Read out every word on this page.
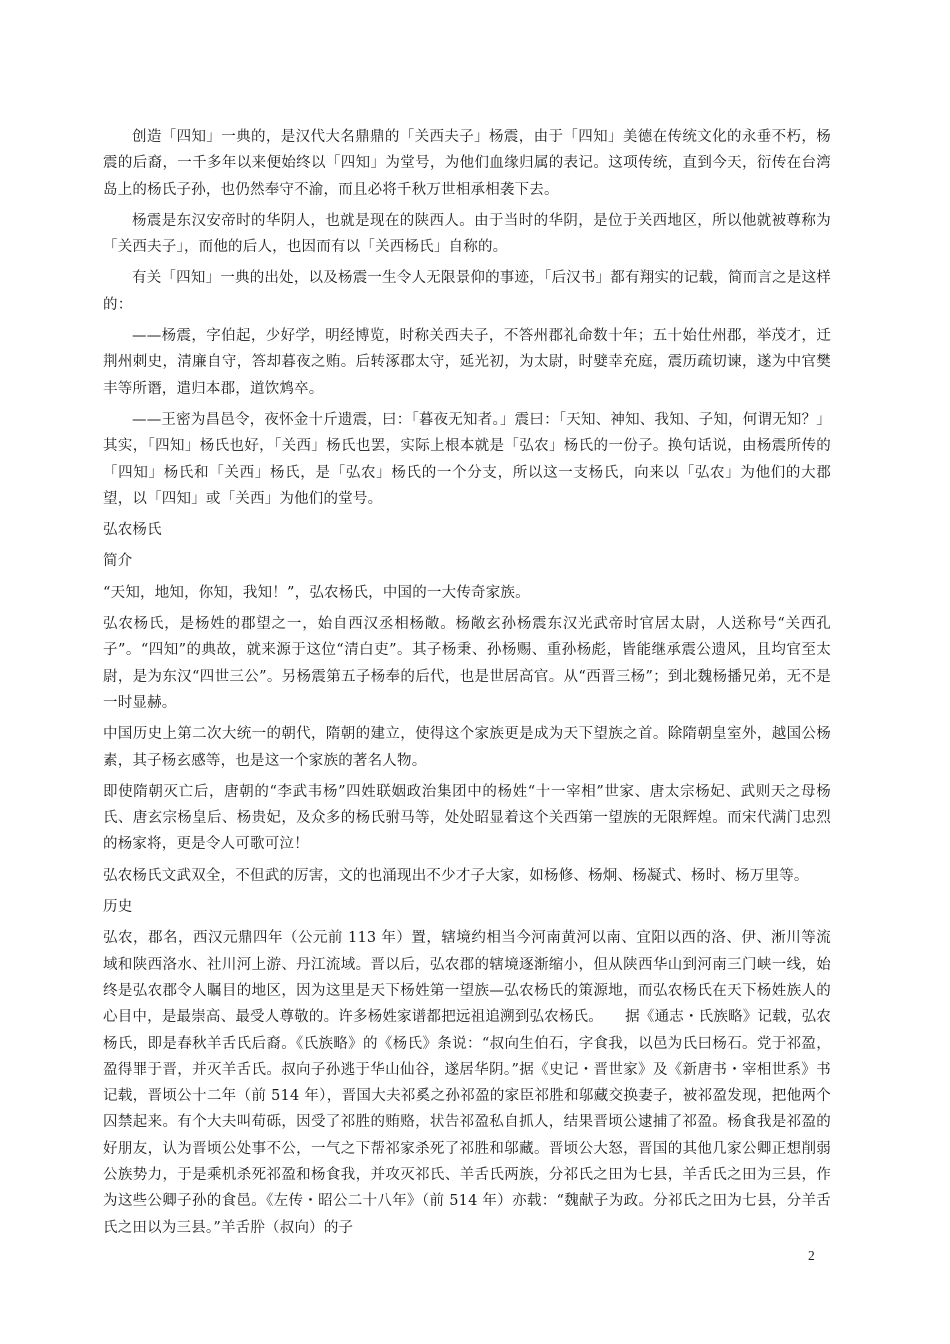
创造「四知」一典的，是汉代大名鼎鼎的「关西夫子」杨震，由于「四知」美德在传统文化的永垂不朽，杨震的后裔，一千多年以来便始终以「四知」为堂号，为他们血缘归属的表记。这项传统，直到今天，衍传在台湾岛上的杨氏子孙，也仍然奉守不渝，而且必将千秋万世相承相袭下去。

杨震是东汉安帝时的华阴人，也就是现在的陕西人。由于当时的华阴，是位于关西地区，所以他就被尊称为「关西夫子」，而他的后人，也因而有以「关西杨氏」自称的。

有关「四知」一典的出处，以及杨震一生令人无限景仰的事迹，「后汉书」都有翔实的记载，简而言之是这样的：

——杨震，字伯起，少好学，明经博览，时称关西夫子，不答州郡礼命数十年；五十始仕州郡，举茂才，迁荆州刺史，清廉自守，答却暮夜之贿。后转涿郡太守，延光初，为太尉，时嬖幸充庭，震历疏切谏，遂为中官樊丰等所谮，遣归本郡，道饮鸩卒。

——王密为昌邑令，夜怀金十斤遗震，曰：「暮夜无知者。」震曰：「天知、神知、我知、子知，何谓无知？」其实，「四知」杨氏也好，「关西」杨氏也罢，实际上根本就是「弘农」杨氏的一份子。换句话说，由杨震所传的「四知」杨氏和「关西」杨氏，是「弘农」杨氏的一个分支，所以这一支杨氏，向来以「弘农」为他们的大郡望，以「四知」或「关西」为他们的堂号。

弘农杨氏

简介

“天知，地知，你知，我知！”，弘农杨氏，中国的一大传奇家族。

弘农杨氏，是杨姓的郡望之一，始自西汉丞相杨敞。杨敞玄孙杨震东汉光武帝时官居太尉，人送称号“关西孔子”。“四知”的典故，就来源于这位“清白吏”。其子杨秉、孙杨赐、重孙杨彪，皆能继承震公遗风，且均官至太尉，是为东汉“四世三公”。另杨震第五子杨奉的后代，也是世居高官。从“西晋三杨”；到北魏杨播兄弟，无不是一时显赫。

中国历史上第二次大统一的朝代，隋朝的建立，使得这个家族更是成为天下望族之首。除隋朝皇室外，越国公杨素，其子杨玄感等，也是这一个家族的著名人物。

即使隋朝灭亡后，唐朝的“李武韦杨”四姓联姻政治集团中的杨姓“十一宰相”世家、唐太宗杨妃、武则天之母杨氏、唐玄宗杨皇后、杨贵妃，及众多的杨氏驸马等，处处昭显着这个关西第一望族的无限辉煌。而宋代满门忠烈的杨家将，更是令人可歌可泣！

弘农杨氏文武双全，不但武的厉害，文的也涌现出不少才子大家，如杨修、杨炯、杨凝式、杨时、杨万里等。

历史

弘农，郡名，西汉元鼎四年（公元前 113 年）置，辖境约相当今河南黄河以南、宜阳以西的洛、伊、淅川等流域和陕西洛水、社川河上游、丹江流域。晋以后，弘农郡的辖境逐渐缩小，但从陕西华山到河南三门峡一线，始终是弘农郡令人瞩目的地区，因为这里是天下杨姓第一望族—弘农杨氏的策源地，而弘农杨氏在天下杨姓族人的心目中，是最崇高、最受人尊敬的。许多杨姓家谱都把远祖追溯到弘农杨氏。　　据《通志・氏族略》记载，弘农杨氏，即是春秋羊舌氏后裔。《氏族略》的《杨氏》条说：“叔向生伯石，字食我，以邑为氏曰杨石。党于祁盈，盈得罪于晋，并灭羊舌氏。叔向子孙逃于华山仙谷，遂居华阴。”据《史记・晋世家》及《新唐书・宰相世系》书记载，晋顷公十二年（前 514 年），晋国大夫祁奚之孙祁盈的家臣祁胜和邬藏交换妻子，被祁盈发现，把他两个囚禁起来。有个大夫叫荀砾，因受了祁胜的贿赂，状告祁盈私自抓人，结果晋顷公逮捕了祁盈。杨食我是祁盈的好朋友，认为晋顷公处事不公，一气之下帮祁家杀死了祁胜和邬藏。晋顷公大怒，晋国的其他几家公卿正想削弱公族势力，于是乘机杀死祁盈和杨食我，并攻灭祁氏、羊舌氏两族，分祁氏之田为七县，羊舌氏之田为三县，作为这些公卿子孙的食邑。《左传・昭公二十八年》（前 514 年）亦载：“魏献子为政。分祁氏之田为七县，分羊舌氏之田以为三县。”羊舌肸（叔向）的子

2
